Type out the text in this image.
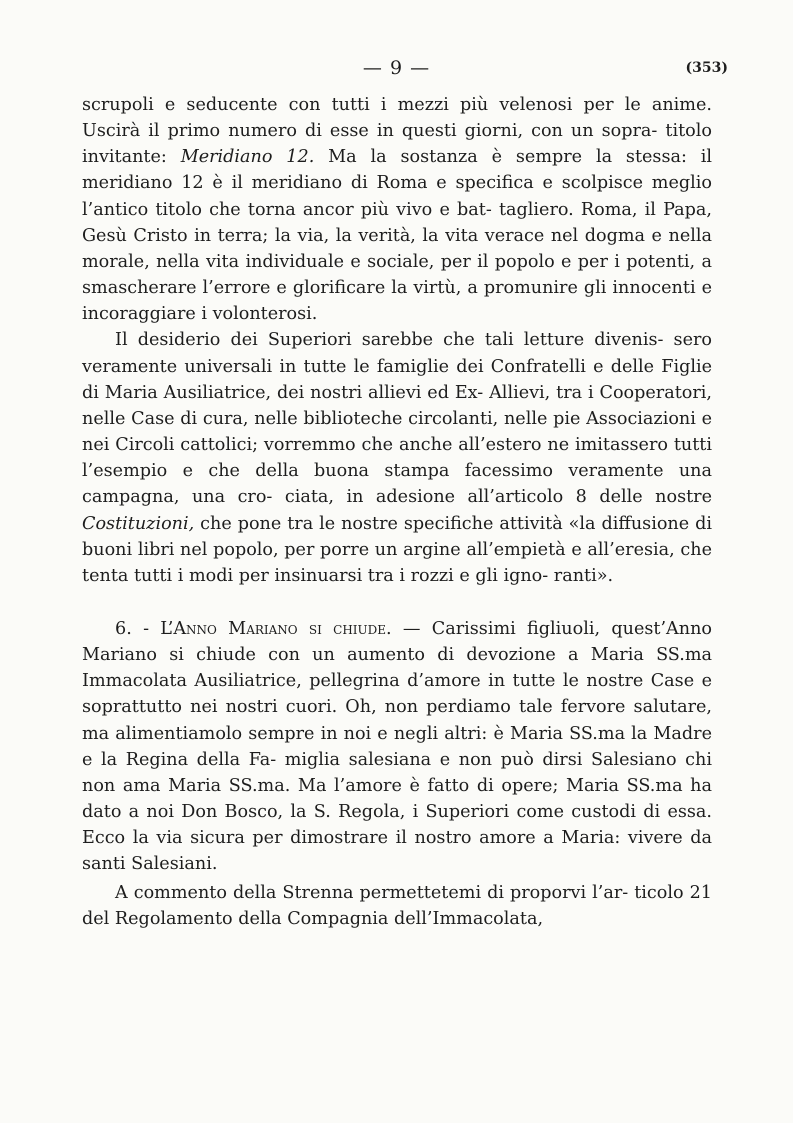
— 9 —	(353)

scrupoli e seducente con tutti i mezzi più velenosi per le anime. Uscirà il primo numero di esse in questi giorni, con un sopra- titolo invitante: Meridiano 12. Ma la sostanza è sempre la stessa: il meridiano 12 è il meridiano di Roma e specifica e scolpisce meglio l’antico titolo che torna ancor più vivo e bat- tagliero. Roma, il Papa, Gesù Cristo in terra; la via, la verità, la vita verace nel dogma e nella morale, nella vita individuale e sociale, per il popolo e per i potenti, a smascherare l’errore e glorificare la virtù, a promunire gli innocenti e incoraggiare i volonterosi.

Il desiderio dei Superiori sarebbe che tali letture divenis- sero veramente universali in tutte le famiglie dei Confratelli e delle Figlie di Maria Ausiliatrice, dei nostri allievi ed Ex- Allievi, tra i Cooperatori, nelle Case di cura, nelle biblioteche circolanti, nelle pie Associazioni e nei Circoli cattolici; vorremmo che anche all’estero ne imitassero tutti l’esempio e che della buona stampa facessimo veramente una campagna, una cro- ciata, in adesione all’articolo 8 delle nostre Costituzioni, che pone tra le nostre specifiche attività «la diffusione di buoni libri nel popolo, per porre un argine all’empietà e all’eresia, che tenta tutti i modi per insinuarsi tra i rozzi e gli igno- ranti».

6. - L’Anno Mariano si chiude. — Carissimi figliuoli, quest’Anno Mariano si chiude con un aumento di devozione a Maria SS.ma Immacolata Ausiliatrice, pellegrina d’amore in tutte le nostre Case e soprattutto nei nostri cuori. Oh, non perdiamo tale fervore salutare, ma alimentiamolo sempre in noi e negli altri: è Maria SS.ma la Madre e la Regina della Fa- miglia salesiana e non può dirsi Salesiano chi non ama Maria SS.ma. Ma l’amore è fatto di opere; Maria SS.ma ha dato a noi Don Bosco, la S. Regola, i Superiori come custodi di essa. Ecco la via sicura per dimostrare il nostro amore a Maria: vivere da santi Salesiani.

A commento della Strenna permettetemi di proporvi l’ar- ticolo 21 del Regolamento della Compagnia dell’Immacolata,
